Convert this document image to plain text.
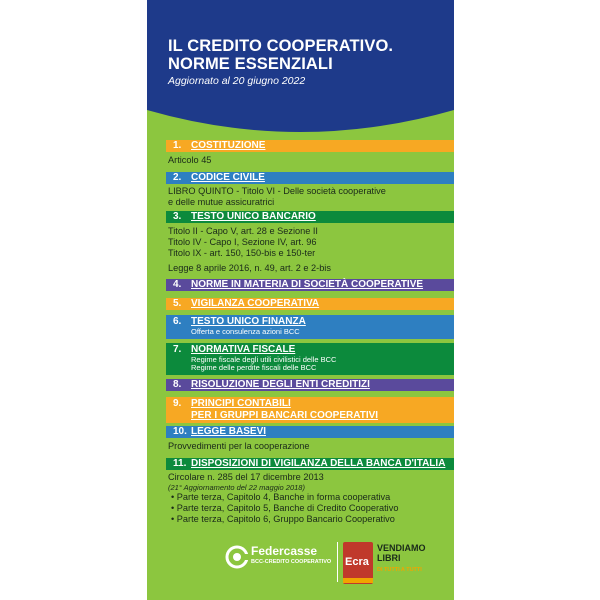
IL CREDITO COOPERATIVO.
NORME ESSENZIALI
Aggiornato al 20 giugno 2022
1. COSTITUZIONE
Articolo 45
2. CODICE CIVILE
LIBRO QUINTO - Titolo VI - Delle società cooperative
e delle mutue assicuratrici
3. TESTO UNICO BANCARIO
Titolo II - Capo V, art. 28 e Sezione II
Titolo IV - Capo I, Sezione IV, art. 96
Titolo IX - art. 150, 150-bis e 150-ter
Legge 8 aprile 2016, n. 49, art. 2 e 2-bis
4. NORME IN MATERIA DI SOCIETÀ COOPERATIVE
5. VIGILANZA COOPERATIVA
6. TESTO UNICO FINANZA
Offerta e consulenza azioni BCC
7. NORMATIVA FISCALE
Regime fiscale degli utili civilistici delle BCC
Regime delle perdite fiscali delle BCC
8. RISOLUZIONE DEGLI ENTI CREDITIZI
9. PRINCIPI CONTABILI
PER I GRUPPI BANCARI COOPERATIVI
10. LEGGE BASEVI
Provvedimenti per la cooperazione
11. DISPOSIZIONI DI VIGILANZA DELLA BANCA D'ITALIA
Circolare n. 285 del 17 dicembre 2013
(21° Aggiornamento del 22 maggio 2018)
• Parte terza, Capitolo 4, Banche in forma cooperativa
• Parte terza, Capitolo 5, Banche di Credito Cooperativo
• Parte terza, Capitolo 6, Gruppo Bancario Cooperativo
Federcasse
BCC-CREDITO COOPERATIVO Ecra
VENDIAMO
LIBRI
DI TUTTI A TUTTI
